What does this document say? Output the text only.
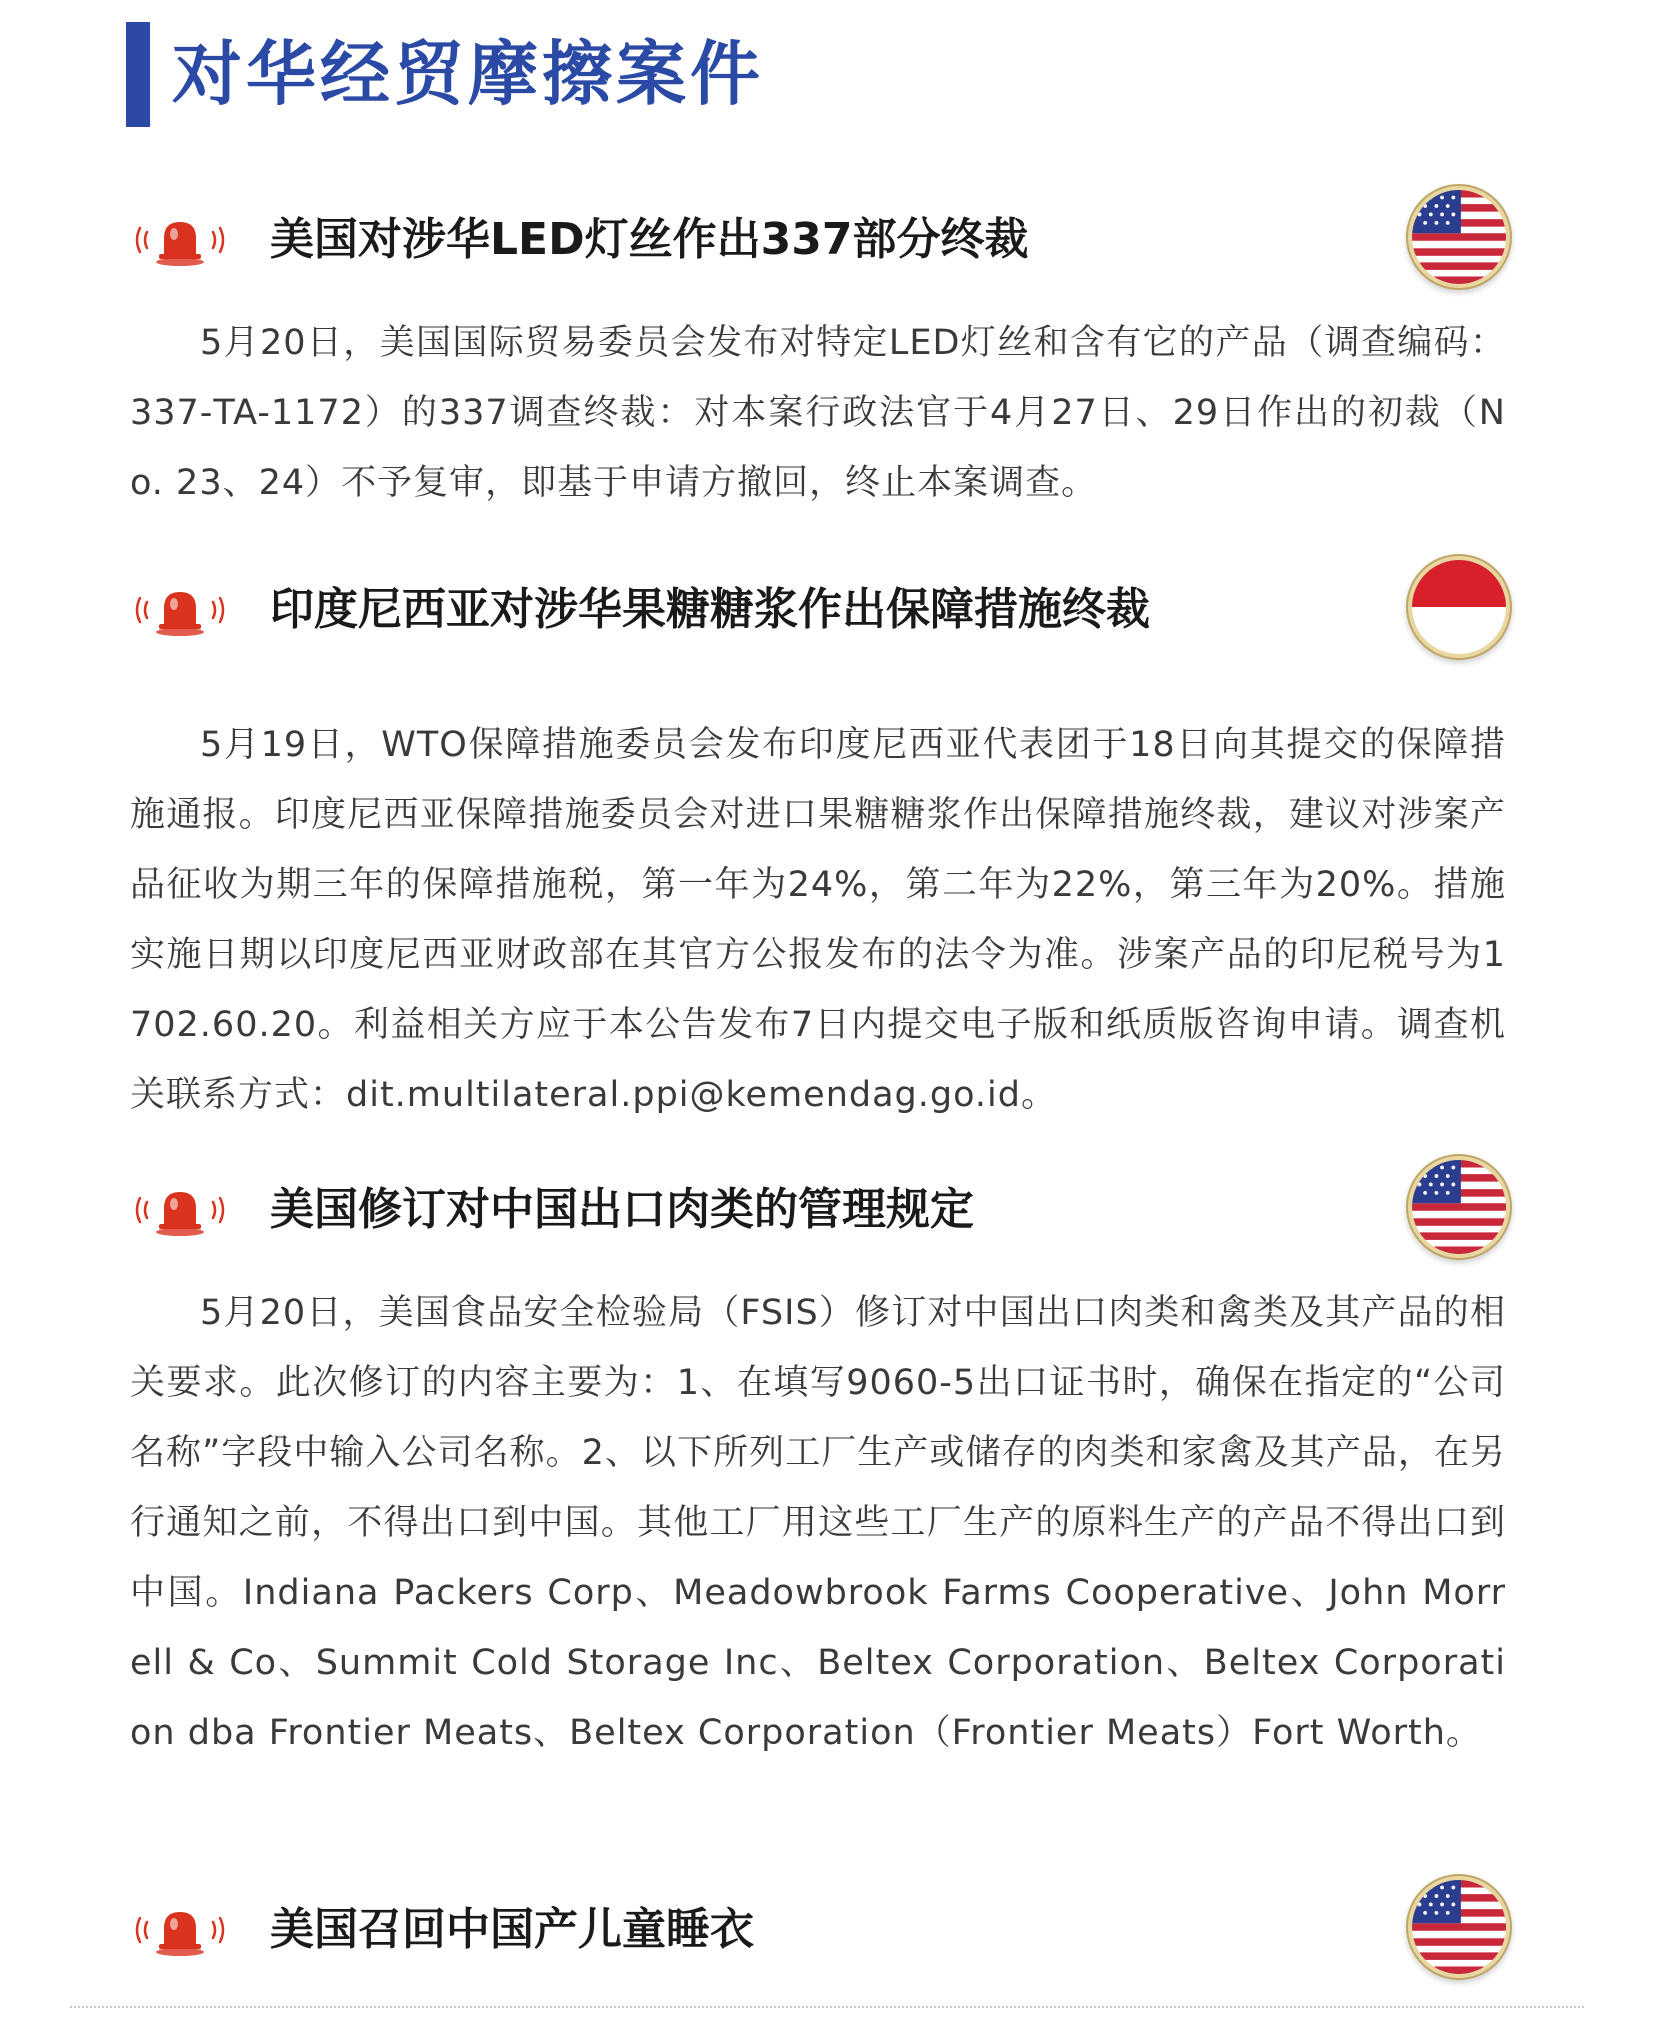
对华经贸摩擦案件
美国对涉华LED灯丝作出337部分终裁
5月20日，美国国际贸易委员会发布对特定LED灯丝和含有它的产品（调查编码：337-TA-1172）的337调查终裁：对本案行政法官于4月27日、29日作出的初裁（No. 23、24）不予复审，即基于申请方撤回，终止本案调查。
印度尼西亚对涉华果糖糖浆作出保障措施终裁
5月19日，WTO保障措施委员会发布印度尼西亚代表团于18日向其提交的保障措施通报。印度尼西亚保障措施委员会对进口果糖糖浆作出保障措施终裁，建议对涉案产品征收为期三年的保障措施税，第一年为24%，第二年为22%，第三年为20%。措施实施日期以印度尼西亚财政部在其官方公报发布的法令为准。涉案产品的印尼税号为1702.60.20。利益相关方应于本公告发布7日内提交电子版和纸质版咨询申请。调查机关联系方式：dit.multilateral.ppi@kemendag.go.id。
美国修订对中国出口肉类的管理规定
5月20日，美国食品安全检验局（FSIS）修订对中国出口肉类和禽类及其产品的相关要求。此次修订的内容主要为：1、在填写9060-5出口证书时，确保在指定的“公司名称”字段中输入公司名称。2、以下所列工厂生产或储存的肉类和家禽及其产品，在另行通知之前，不得出口到中国。其他工厂用这些工厂生产的原料生产的产品不得出口到中国。Indiana Packers Corp、Meadowbrook Farms Cooperative、John Morrell & Co、Summit Cold Storage Inc、Beltex Corporation、Beltex Corporation dba Frontier Meats、Beltex Corporation（Frontier Meats）Fort Worth。
美国召回中国产儿童睡衣
